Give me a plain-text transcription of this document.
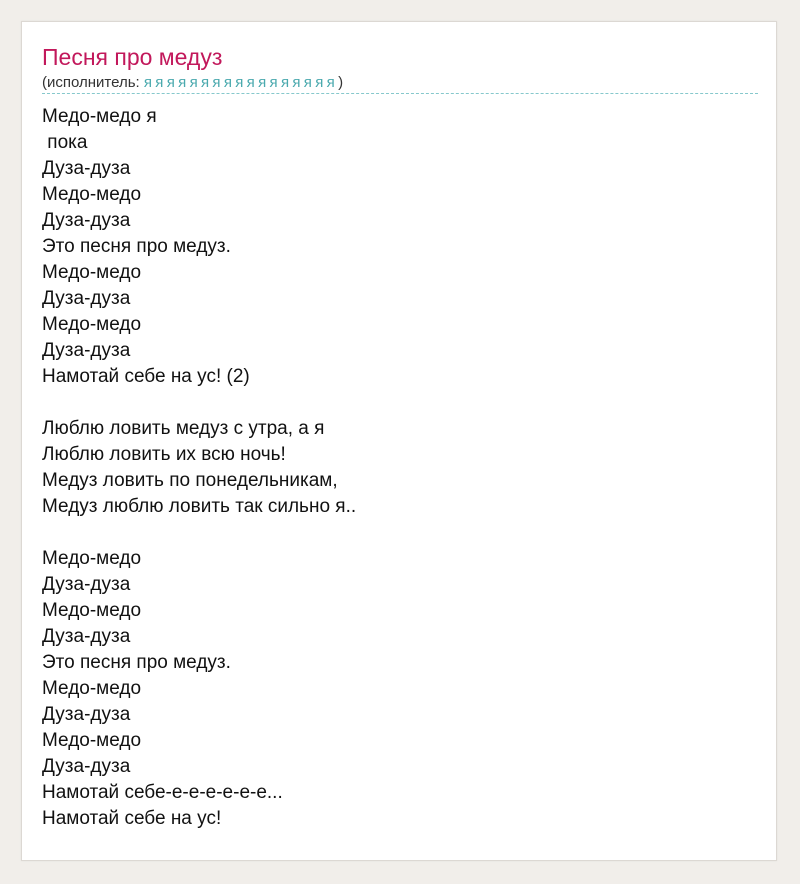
Песня про медуз
(исполнитель: яяяяяяяяяяяяяяяяя)
Медо-медо я
пока
Дуза-дуза
Медо-медо
Дуза-дуза
Это песня про медуз.
Медо-медо
Дуза-дуза
Медо-медо
Дуза-дуза
Намотай себе на ус! (2)
Люблю ловить медуз с утра, а я
Люблю ловить их всю ночь!
Медуз ловить по понедельникам,
Медуз люблю ловить так сильно я..
Медо-медо
Дуза-дуза
Медо-медо
Дуза-дуза
Это песня про медуз.
Медо-медо
Дуза-дуза
Медо-медо
Дуза-дуза
Намотай себе-е-е-е-е-е-е...
Намотай себе на ус!
